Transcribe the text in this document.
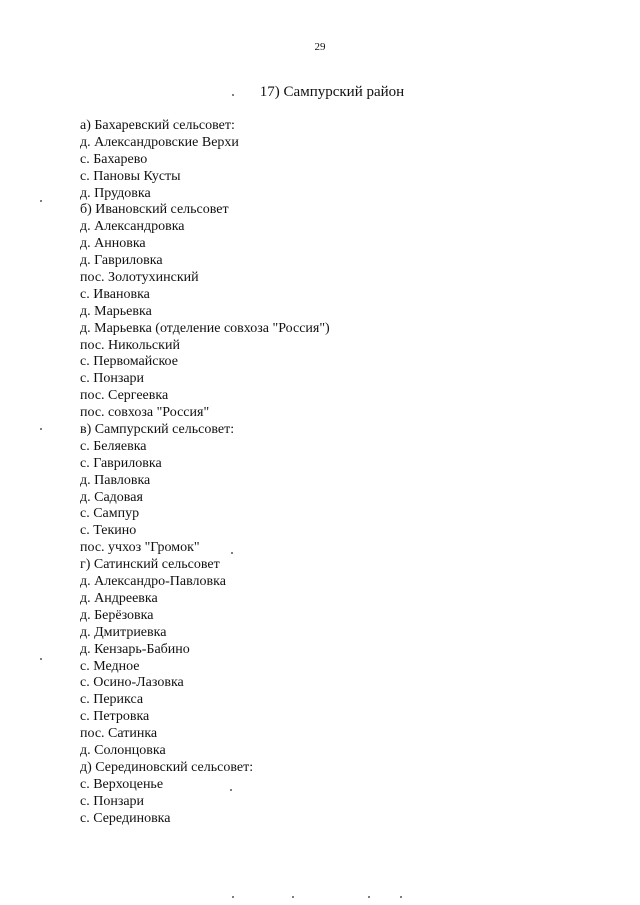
29
17) Сампурский район
а) Бахаревский сельсовет:
д. Александровские Верхи
с. Бахарево
с. Пановы Кусты
д. Прудовка
б) Ивановский сельсовет
д. Александровка
д. Анновка
д. Гавриловка
пос. Золотухинский
с. Ивановка
д. Марьевка
д. Марьевка (отделение совхоза "Россия")
пос. Никольский
с. Первомайское
с. Понзари
пос. Сергеевка
пос. совхоза "Россия"
в) Сампурский сельсовет:
с. Беляевка
с. Гавриловка
д. Павловка
д. Садовая
с. Сампур
с. Текино
пос. учхоз "Громок"
г) Сатинский сельсовет
д. Александро-Павловка
д. Андреевка
д. Берёзовка
д. Дмитриевка
д. Кензарь-Бабино
с. Медное
с. Осино-Лазовка
с. Перикса
с. Петровка
пос. Сатинка
д. Солонцовка
д) Серединовский сельсовет:
с. Верхоценье
с. Понзари
с. Серединовка
